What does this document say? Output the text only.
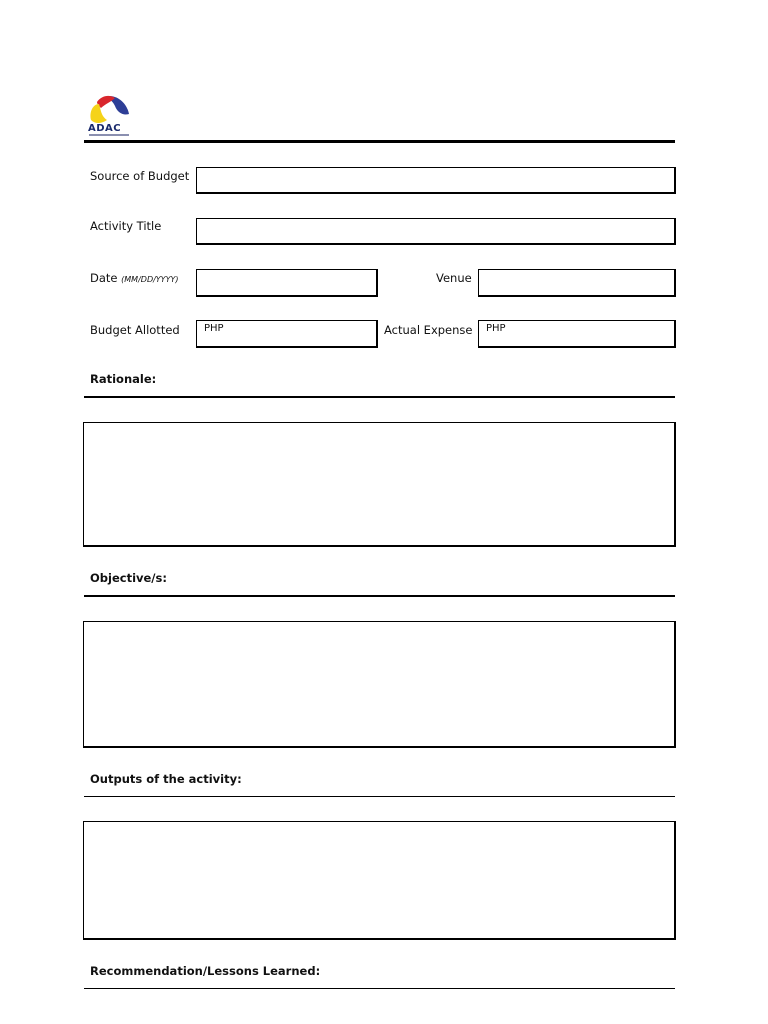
ADAC
Source of Budget
Activity Title
Date (MM/DD/YYYY)	Venue
Budget Allotted	PHP	Actual Expense	PHP
Rationale:
Objective/s:
Outputs of the activity:
Recommendation/Lessons Learned:
